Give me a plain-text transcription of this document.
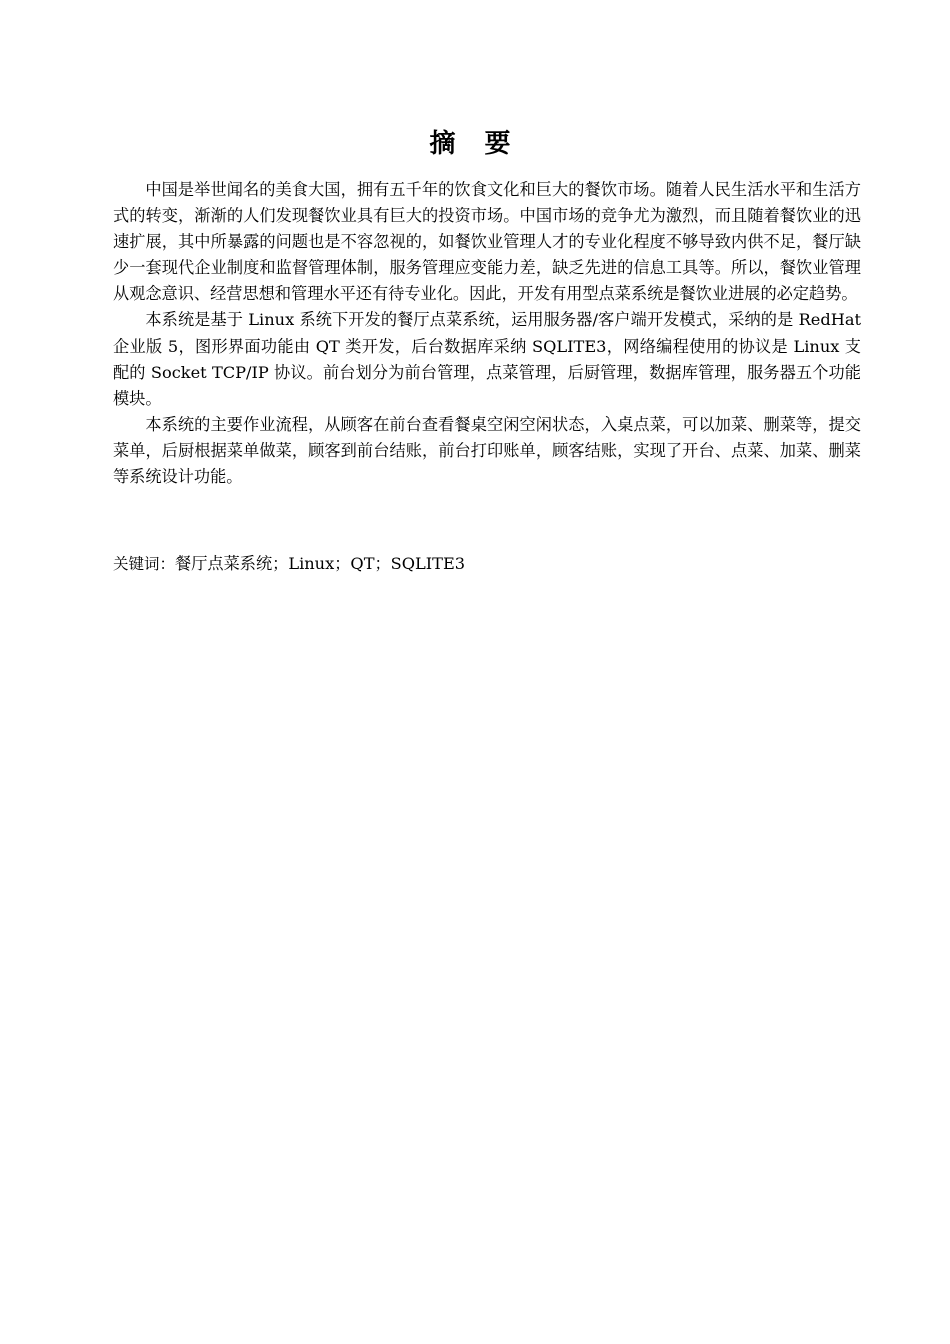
摘 要

中国是举世闻名的美食大国，拥有五千年的饮食文化和巨大的餐饮市场。随着人民生活水平和生活方式的转变，渐渐的人们发现餐饮业具有巨大的投资市场。中国市场的竞争尤为激烈，而且随着餐饮业的迅速扩展，其中所暴露的问题也是不容忽视的，如餐饮业管理人才的专业化程度不够导致内供不足，餐厅缺少一套现代企业制度和监督管理体制，服务管理应变能力差，缺乏先进的信息工具等。所以，餐饮业管理从观念意识、经营思想和管理水平还有待专业化。因此，开发有用型点菜系统是餐饮业进展的必定趋势。

本系统是基于 Linux 系统下开发的餐厅点菜系统，运用服务器/客户端开发模式，采纳的是 RedHat 企业版 5，图形界面功能由 QT 类开发，后台数据库采纳 SQLITE3，网络编程使用的协议是 Linux 支配的 Socket TCP/IP 协议。前台划分为前台管理，点菜管理，后厨管理，数据库管理，服务器五个功能模块。

本系统的主要作业流程，从顾客在前台查看餐桌空闲空闲状态，入桌点菜，可以加菜、删菜等，提交菜单，后厨根据菜单做菜，顾客到前台结账，前台打印账单，顾客结账，实现了开台、点菜、加菜、删菜等系统设计功能。

关键词：餐厅点菜系统；Linux；QT；SQLITE3
